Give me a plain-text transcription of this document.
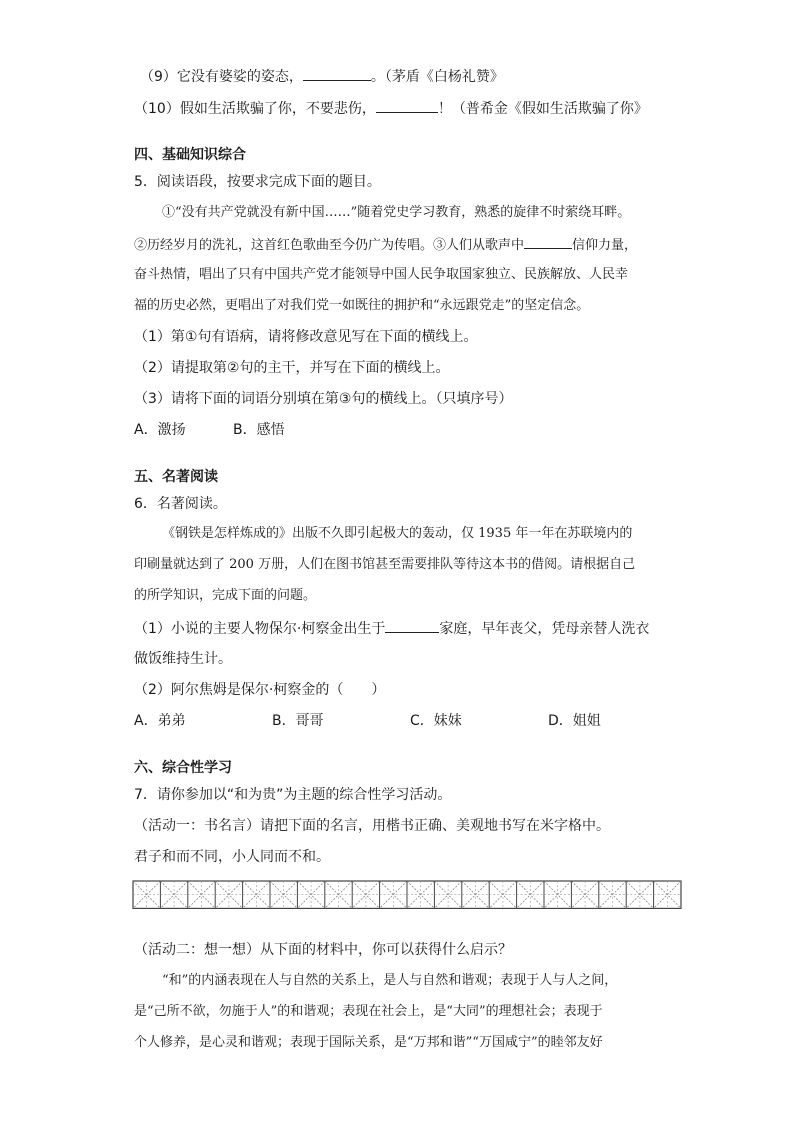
（9）它没有婆娑的姿态，	。（茅盾《白杨礼赞》
（10）假如生活欺骗了你，不要悲伤，	！（普希金《假如生活欺骗了你》
四、基础知识综合
5．阅读语段，按要求完成下面的题目。
①“没有共产党就没有新中国……”随着党史学习教育，熟悉的旋律不时萦绕耳畔。
②历经岁月的洗礼，这首红色歌曲至今仍广为传唱。③人们从歌声中	信仰力量，
奋斗热情，唱出了只有中国共产党才能领导中国人民争取国家独立、民族解放、人民幸
福的历史必然，更唱出了对我们党一如既往的拥护和“永远跟党走”的坚定信念。
（1）第①句有语病，请将修改意见写在下面的横线上。
（2）请提取第②句的主干，并写在下面的横线上。
（3）请将下面的词语分别填在第③句的横线上。（只填序号）
A．激扬	B．感悟
五、名著阅读
6．名著阅读。
《钢铁是怎样炼成的》出版不久即引起极大的轰动，仅 1935 年一年在苏联境内的
印刷量就达到了 200 万册，人们在图书馆甚至需要排队等待这本书的借阅。请根据自己
的所学知识，完成下面的问题。
（1）小说的主要人物保尔·柯察金出生于	家庭，早年丧父，凭母亲替人洗衣
做饭维持生计。
（2）阿尔焦姆是保尔·柯察金的（　　）
A．弟弟	B．哥哥	C．妹妹	D．姐姐
六、综合性学习
7．请你参加以“和为贵”为主题的综合性学习活动。
（活动一：书名言）请把下面的名言，用楷书正确、美观地书写在米字格中。
君子和而不同，小人同而不和。
（活动二：想一想）从下面的材料中，你可以获得什么启示？
“和”的内涵表现在人与自然的关系上，是人与自然和谐观；表现于人与人之间，
是“己所不欲，勿施于人”的和谐观；表现在社会上，是“大同”的理想社会；表现于
个人修养，是心灵和谐观；表现于国际关系，是“万邦和谐”“万国咸宁”的睦邻友好
